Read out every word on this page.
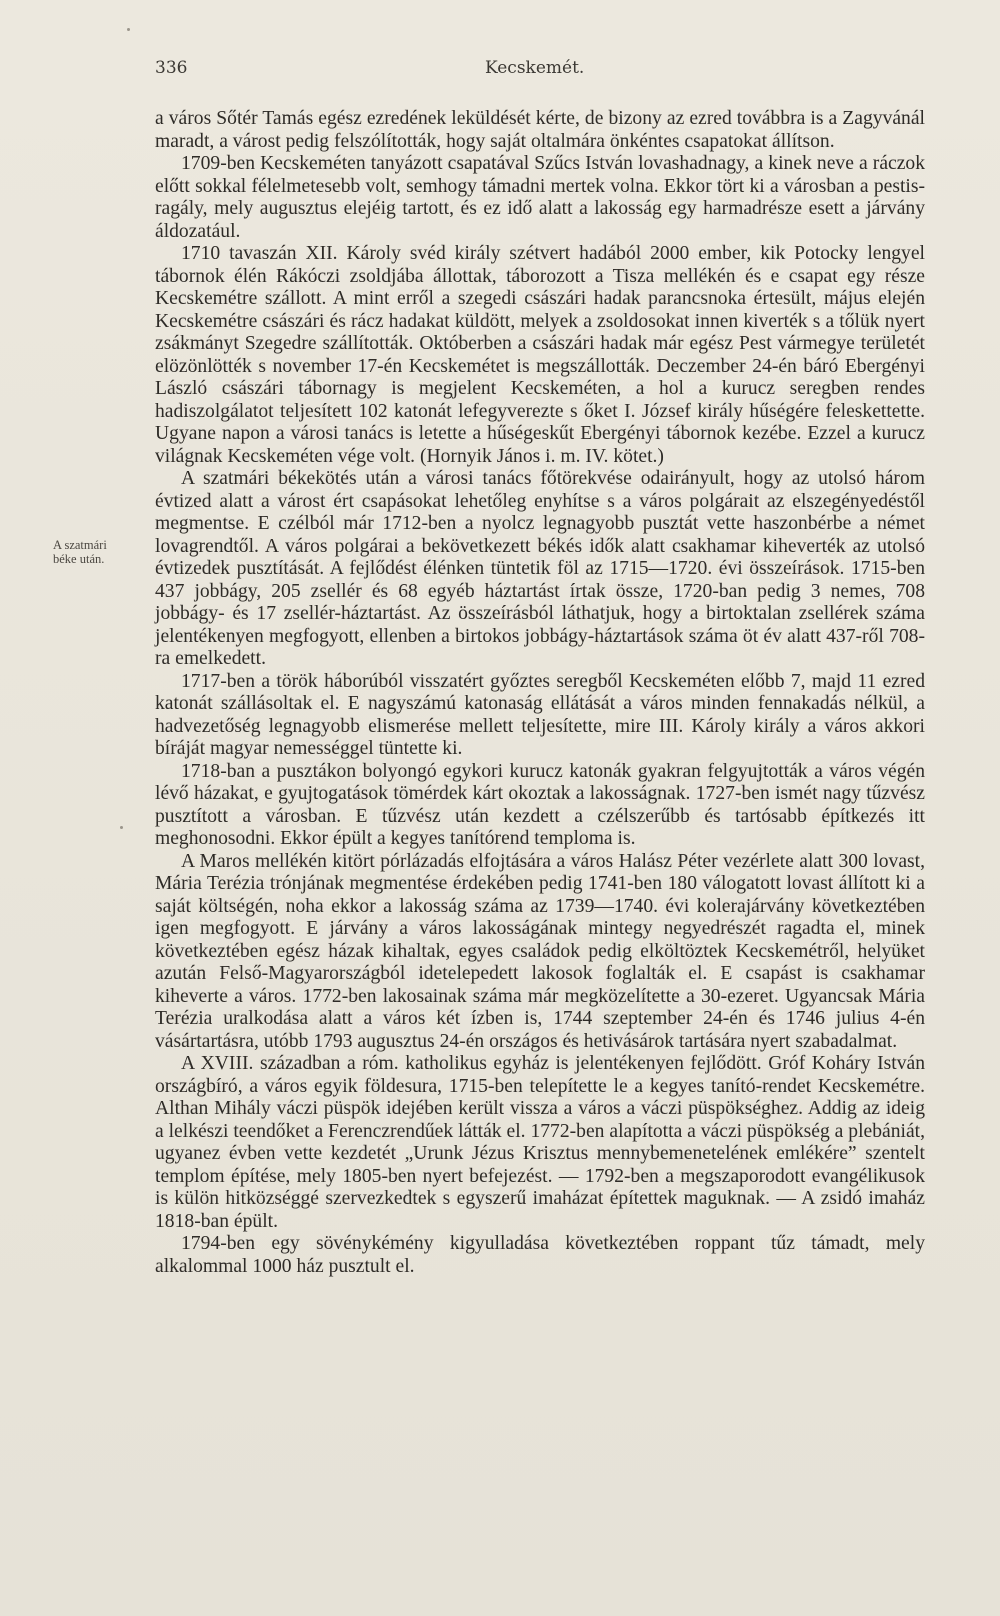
336	Kecskemét.
A szatmári
béke után.

a város Sőtér Tamás egész ezredének leküldését kérte, de bizony az ezred továbbra is a Zagyvánál maradt, a várost pedig felszólították, hogy saját oltalmára önkéntes csapatokat állítson.

1709-ben Kecskeméten tanyázott csapatával Szűcs István lovashadnagy, a kinek neve a ráczok előtt sokkal félelmetesebb volt, semhogy támadni mertek volna. Ekkor tört ki a városban a pestis-ragály, mely augusztus elejéig tartott, és ez idő alatt a lakosság egy harmadrésze esett a járvány áldozatául.

1710 tavaszán XII. Károly svéd király szétvert hadából 2000 ember, kik Potocky lengyel tábornok élén Rákóczi zsoldjába állottak, táborozott a Tisza mellékén és e csapat egy része Kecskemétre szállott. A mint erről a szegedi császári hadak parancsnoka értesült, május elején Kecskemétre császári és rácz hadakat küldött, melyek a zsoldosokat innen kiverték s a tőlük nyert zsákmányt Szegedre szállították. Októberben a császári hadak már egész Pest vármegye területét elözönlötték s november 17-én Kecskemétet is megszállották. Deczember 24-én báró Ebergényi László császári tábornagy is megjelent Kecskeméten, a hol a kurucz seregben rendes hadiszolgálatot teljesített 102 katonát lefegyverezte s őket I. József király hűségére feleskettette. Ugyane napon a városi tanács is letette a hűségeskűt Ebergényi tábornok kezébe. Ezzel a kurucz világnak Kecskeméten vége volt. (Hornyik János i. m. IV. kötet.)

A szatmári békekötés után a városi tanács főtörekvése odairányult, hogy az utolsó három évtized alatt a várost ért csapásokat lehetőleg enyhítse s a város polgárait az elszegényedéstől megmentse. E czélból már 1712-ben a nyolcz legnagyobb pusztát vette haszonbérbe a német lovagrendtől. A város polgárai a bekövetkezett békés idők alatt csakhamar kiheverték az utolsó évtizedek pusztítását. A fejlődést élénken tüntetik föl az 1715—1720. évi összeírások. 1715-ben 437 jobbágy, 205 zsellér és 68 egyéb háztartást írtak össze, 1720-ban pedig 3 nemes, 708 jobbágy- és 17 zsellér-háztartást. Az összeírásból láthatjuk, hogy a birtoktalan zsellérek száma jelentékenyen megfogyott, ellenben a birtokos jobbágy-háztartások száma öt év alatt 437-ről 708-ra emelkedett.

1717-ben a török háborúból visszatért győztes seregből Kecskeméten előbb 7, majd 11 ezred katonát szállásoltak el. E nagyszámú katonaság ellátását a város minden fennakadás nélkül, a hadvezetőség legnagyobb elismerése mellett teljesítette, mire III. Károly király a város akkori bíráját magyar nemességgel tüntette ki.

1718-ban a pusztákon bolyongó egykori kurucz katonák gyakran felgyujtották a város végén lévő házakat, e gyujtogatások tömérdek kárt okoztak a lakosságnak. 1727-ben ismét nagy tűzvész pusztított a városban. E tűzvész után kezdett a czélszerűbb és tartósabb építkezés itt meghonosodni. Ekkor épült a kegyes tanítórend temploma is.

A Maros mellékén kitört pórlázadás elfojtására a város Halász Péter vezérlete alatt 300 lovast, Mária Terézia trónjának megmentése érdekében pedig 1741-ben 180 válogatott lovast állított ki a saját költségén, noha ekkor a lakosság száma az 1739—1740. évi kolerajárvány következtében igen megfogyott. E járvány a város lakosságának mintegy negyedrészét ragadta el, minek következtében egész házak kihaltak, egyes családok pedig elköltöztek Kecskemétről, helyüket azután Felső-Magyarországból idetelepedett lakosok foglalták el. E csapást is csakhamar kiheverte a város. 1772-ben lakosainak száma már megközelítette a 30-ezeret. Ugyancsak Mária Terézia uralkodása alatt a város két ízben is, 1744 szeptember 24-én és 1746 julius 4-én vásártartásra, utóbb 1793 augusztus 24-én országos és hetivásárok tartására nyert szabadalmat.

A XVIII. században a róm. katholikus egyház is jelentékenyen fejlődött. Gróf Koháry István országbíró, a város egyik földesura, 1715-ben telepítette le a kegyes tanító-rendet Kecskemétre. Althan Mihály váczi püspök idejében került vissza a város a váczi püspökséghez. Addig az ideig a lelkészi teendőket a Ferenczrendűek látták el. 1772-ben alapította a váczi püspökség a plebániát, ugyanez évben vette kezdetét „Urunk Jézus Krisztus mennybemenetelének emlékére” szentelt templom építése, mely 1805-ben nyert befejezést. — 1792-ben a megszaporodott evangélikusok is külön hitközséggé szervezkedtek s egyszerű imaházat építettek maguknak. — A zsidó imaház 1818-ban épült.

1794-ben egy sövénykémény kigyulladása következtében roppant tűz támadt, mely alkalommal 1000 ház pusztult el.
